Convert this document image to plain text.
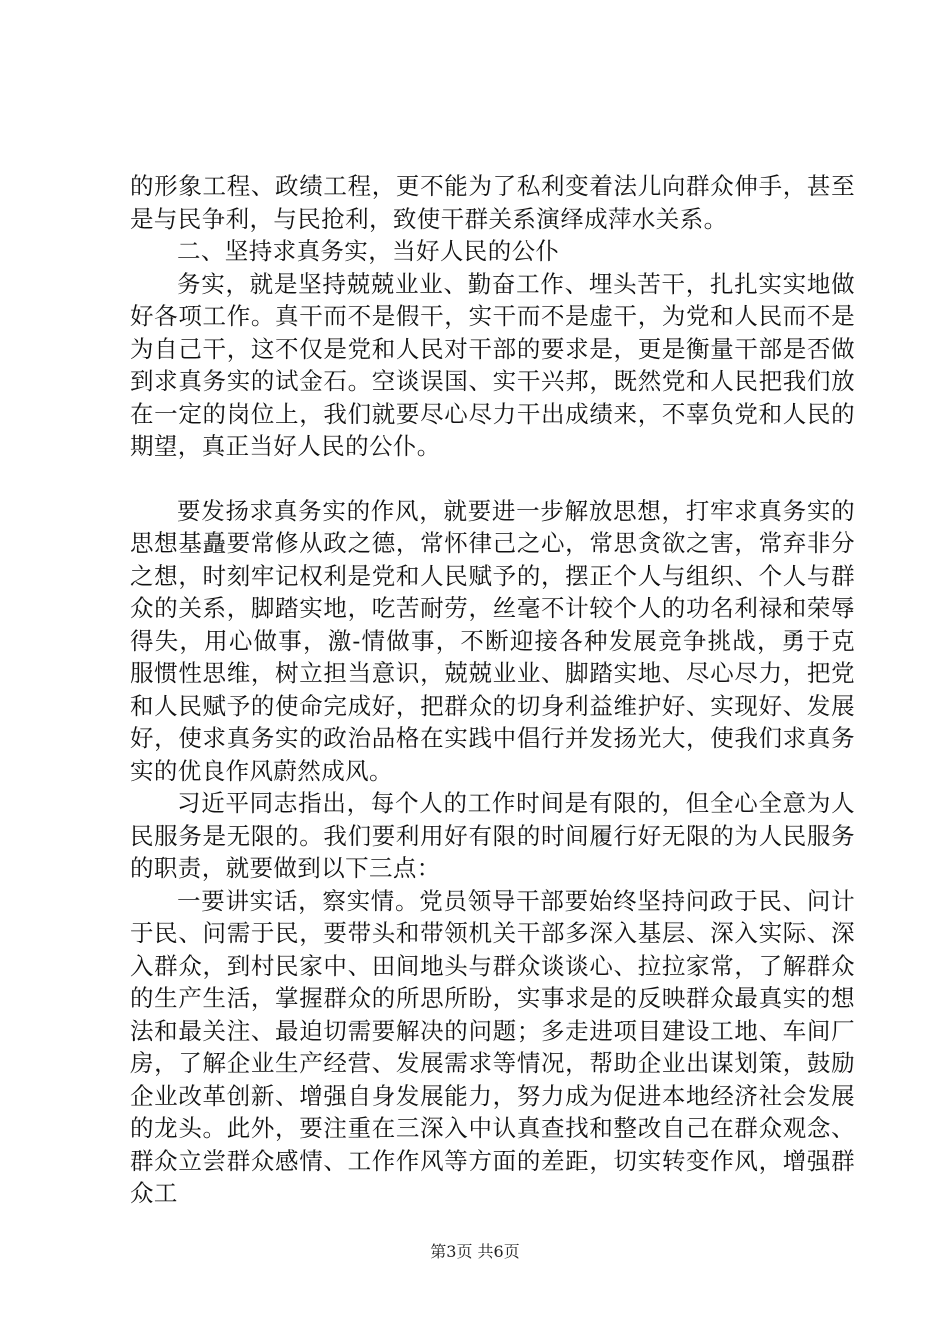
的形象工程、政绩工程，更不能为了私利变着法儿向群众伸手，甚至是与民争利，与民抢利，致使干群关系演绎成萍水关系。

二、坚持求真务实，当好人民的公仆

务实，就是坚持兢兢业业、勤奋工作、埋头苦干，扎扎实实地做好各项工作。真干而不是假干，实干而不是虚干，为党和人民而不是为自己干，这不仅是党和人民对干部的要求是，更是衡量干部是否做到求真务实的试金石。空谈误国、实干兴邦，既然党和人民把我们放在一定的岗位上，我们就要尽心尽力干出成绩来，不辜负党和人民的期望，真正当好人民的公仆。

要发扬求真务实的作风，就要进一步解放思想，打牢求真务实的思想基矗要常修从政之德，常怀律己之心，常思贪欲之害，常弃非分之想，时刻牢记权利是党和人民赋予的，摆正个人与组织、个人与群众的关系，脚踏实地，吃苦耐劳，丝毫不计较个人的功名利禄和荣辱得失，用心做事，激-情做事，不断迎接各种发展竞争挑战，勇于克服惯性思维，树立担当意识，兢兢业业、脚踏实地、尽心尽力，把党和人民赋予的使命完成好，把群众的切身利益维护好、实现好、发展好，使求真务实的政治品格在实践中倡行并发扬光大，使我们求真务实的优良作风蔚然成风。

习近平同志指出，每个人的工作时间是有限的，但全心全意为人民服务是无限的。我们要利用好有限的时间履行好无限的为人民服务的职责，就要做到以下三点：

一要讲实话，察实情。党员领导干部要始终坚持问政于民、问计于民、问需于民，要带头和带领机关干部多深入基层、深入实际、深入群众，到村民家中、田间地头与群众谈谈心、拉拉家常，了解群众的生产生活，掌握群众的所思所盼，实事求是的反映群众最真实的想法和最关注、最迫切需要解决的问题；多走进项目建设工地、车间厂房，了解企业生产经营、发展需求等情况，帮助企业出谋划策，鼓励企业改革创新、增强自身发展能力，努力成为促进本地经济社会发展的龙头。此外，要注重在三深入中认真查找和整改自己在群众观念、群众立尝群众感情、工作作风等方面的差距，切实转变作风，增强群众工

第3页 共6页
